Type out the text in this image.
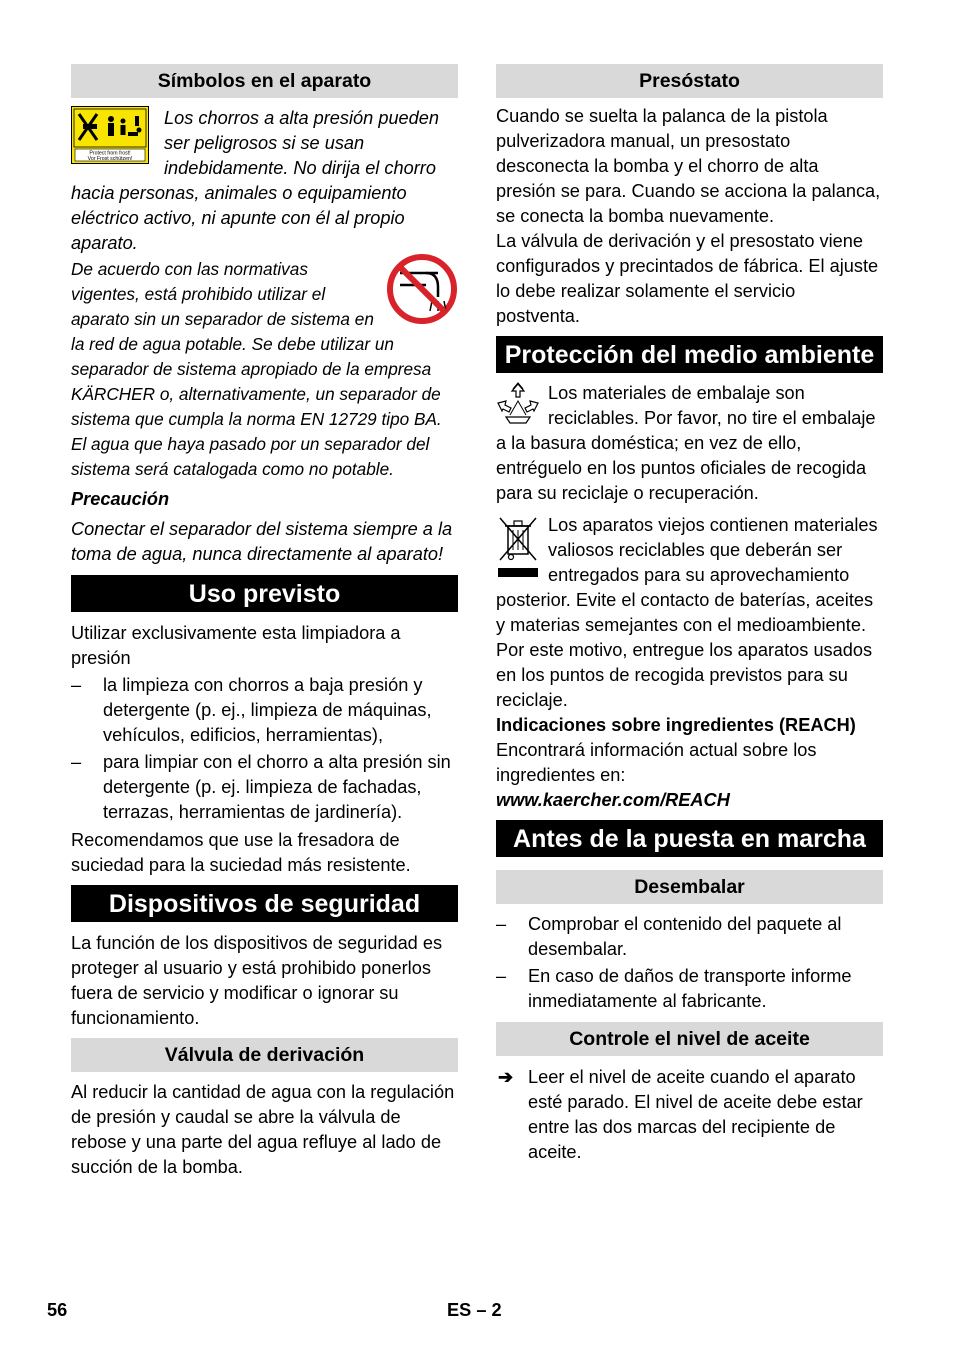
Símbolos en el aparato
Protect from frost!
Vor Frost schützen!

Los chorros a alta presión pueden ser peligrosos si se usan indebidamente. No dirija el chorro hacia personas, animales o equipamiento eléctrico activo, ni apunte con él al propio aparato.

De acuerdo con las normativas vigentes, está prohibido utilizar el aparato sin un separador de sistema en la red de agua potable. Se debe utilizar un separador de sistema apropiado de la empresa KÄRCHER o, alternativamente, un separador de sistema que cumpla la norma EN 12729 tipo BA. El agua que haya pasado por un separador del sistema será catalogada como no potable.

Precaución

Conectar el separador del sistema siempre a la toma de agua, nunca directamente al aparato!

Uso previsto

Utilizar exclusivamente esta limpiadora a presión

– la limpieza con chorros a baja presión y detergente (p. ej., limpieza de máquinas, vehículos, edificios, herramientas),
– para limpiar con el chorro a alta presión sin detergente (p. ej. limpieza de fachadas, terrazas, herramientas de jardinería).

Recomendamos que use la fresadora de suciedad para la suciedad más resistente.

Dispositivos de seguridad

La función de los dispositivos de seguridad es proteger al usuario y está prohibido ponerlos fuera de servicio y modificar o ignorar su funcionamiento.

Válvula de derivación

Al reducir la cantidad de agua con la regulación de presión y caudal se abre la válvula de rebose y una parte del agua refluye al lado de succión de la bomba.

Presóstato

Cuando se suelta la palanca de la pistola pulverizadora manual, un presostato desconecta la bomba y el chorro de alta presión se para. Cuando se acciona la palanca, se conecta la bomba nuevamente.

La válvula de derivación y el presostato viene configurados y precintados de fábrica. El ajuste lo debe realizar solamente el servicio postventa.

Protección del medio ambiente

Los materiales de embalaje son reciclables. Por favor, no tire el embalaje a la basura doméstica; en vez de ello, entréguelo en los puntos oficiales de recogida para su reciclaje o recuperación.

Los aparatos viejos contienen materiales valiosos reciclables que deberán ser entregados para su aprovechamiento posterior. Evite el contacto de baterías, aceites y materias semejantes con el medioambiente. Por este motivo, entregue los aparatos usados en los puntos de recogida previstos para su reciclaje.

Indicaciones sobre ingredientes (REACH)

Encontrará información actual sobre los ingredientes en:

www.kaercher.com/REACH

Antes de la puesta en marcha
Desembalar
– Comprobar el contenido del paquete al desembalar.
– En caso de daños de transporte informe inmediatamente al fabricante.
Controle el nivel de aceite
➔ Leer el nivel de aceite cuando el aparato esté parado. El nivel de aceite debe estar entre las dos marcas del recipiente de aceite.
56	ES – 2
